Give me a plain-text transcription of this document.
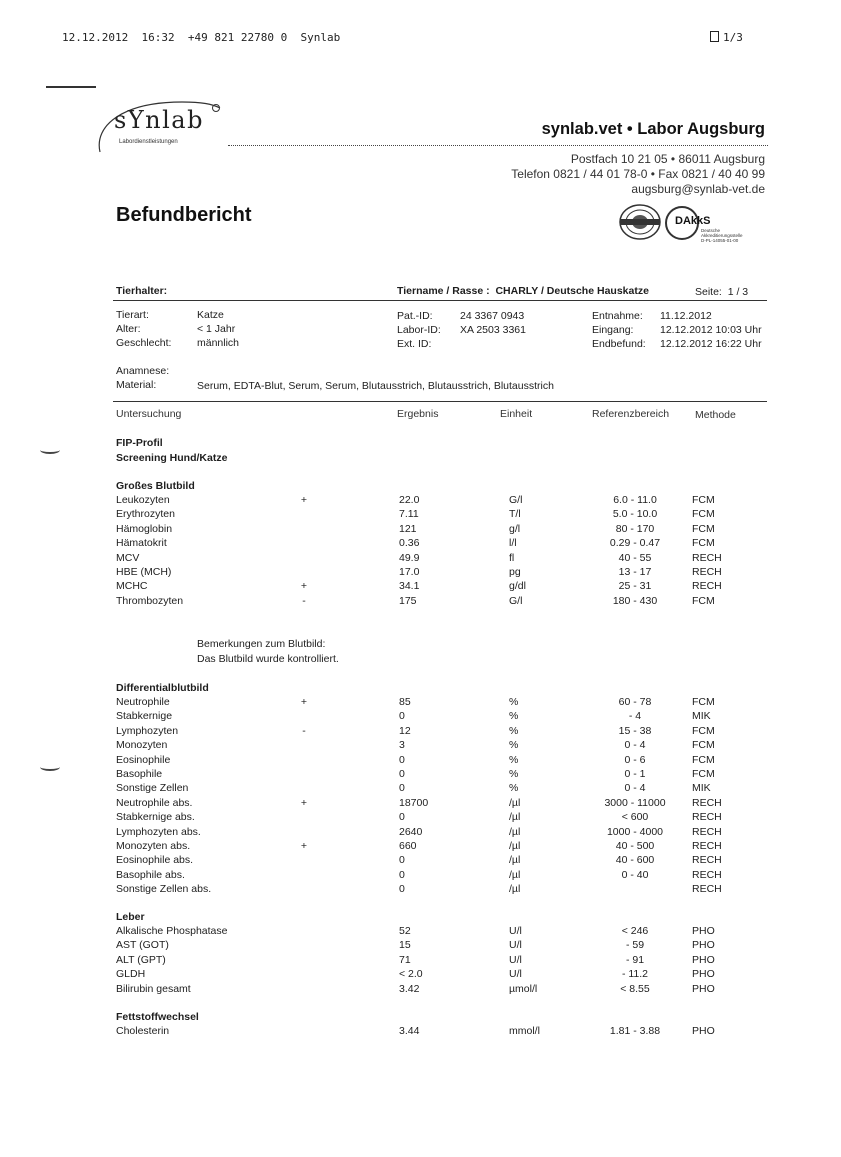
12.12.2012 16:32 +49 821 22780 0 Synlab	1/3
sYnlab
Labordienstleistungen
synlab.vet • Labor Augsburg
Postfach 10 21 05 • 86011 Augsburg
Telefon 0821 / 44 01 78-0 • Fax 0821 / 40 40 99
augsburg@synlab-vet.de
Befundbericht	DAkkS
Deutsche
Akkreditierungsstelle
D-PL-14055-01-00
Tierhalter:	Tiername / Rasse : CHARLY / Deutsche Hauskatze	Seite: 1 / 3
Tierart:	Katze
Alter:	< 1 Jahr
Geschlecht: männlich
Pat.-ID:	24 3367 0943
Labor-ID: XA 2503 3361
Ext. ID:
Entnahme: 11.12.2012
Eingang:	12.12.2012 10:03 Uhr
Endbefund: 12.12.2012 16:22 Uhr
Anamnese:
Material:	Serum, EDTA-Blut, Serum, Serum, Blutausstrich, Blutausstrich, Blutausstrich
Untersuchung	Ergebnis	Einheit	Referenzbereich Methode
FIP-Profil
Screening Hund/Katze
Großes Blutbild
Leukozyten	+	22.0	G/l	6.0 - 11.0	FCM
Erythrozyten	7.11	T/l	5.0 - 10.0	FCM
Hämoglobin	121	g/l	80 - 170	FCM
Hämatokrit	0.36	l/l	0.29 - 0.47	FCM
MCV	49.9	fl	40 - 55	RECH
HBE (MCH)	17.0	pg	13 - 17	RECH
MCHC	+	34.1	g/dl	25 - 31	RECH
Thrombozyten	-	175	G/l	180 - 430	FCM
Bemerkungen zum Blutbild:
Das Blutbild wurde kontrolliert.
Differentialblutbild
Neutrophile	+	85	%	60 - 78	FCM
Stabkernige	0	%	- 4	MIK
Lymphozyten	-	12	%	15 - 38	FCM
Monozyten	3	%	0 - 4	FCM
Eosinophile	0	%	0 - 6	FCM
Basophile	0	%	0 - 1	FCM
Sonstige Zellen	0	%	0 - 4	MIK
Neutrophile abs.	+	18700	/µl	3000 - 11000	RECH
Stabkernige abs.	0	/µl	< 600	RECH
Lymphozyten abs.	2640	/µl	1000 - 4000	RECH
Monozyten abs.	+	660	/µl	40 - 500	RECH
Eosinophile abs.	0	/µl	40 - 600	RECH
Basophile abs.	0	/µl	0 - 40	RECH
Sonstige Zellen abs.	0	/µl	RECH
Leber
Alkalische Phosphatase	52	U/l	< 246	PHO
AST (GOT)	15	U/l	- 59	PHO
ALT (GPT)	71	U/l	- 91	PHO
GLDH	< 2.0	U/l	- 11.2	PHO
Bilirubin gesamt	3.42	µmol/l	< 8.55	PHO
Fettstoffwechsel
Cholesterin	3.44	mmol/l	1.81 - 3.88	PHO
